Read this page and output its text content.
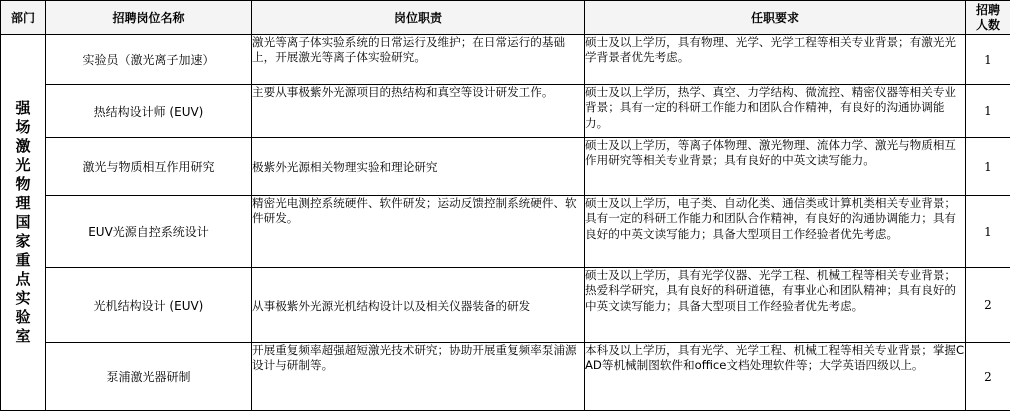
部门	招聘岗位名称	岗位职责	任职要求	招聘人数

强场激光物理国家重点实验室	实验员（激光离子加速）	激光等离子体实验系统的日常运行及维护；在日常运行的基础上，开展激光等离子体实验研究。	硕士及以上学历，具有物理、光学、光学工程等相关专业背景；有激光光学背景者优先考虑。	1
	热结构设计师 (EUV)	主要从事极紫外光源项目的热结构和真空等设计研发工作。	硕士及以上学历，热学、真空、力学结构、微流控、精密仪器等相关专业背景；具有一定的科研工作能力和团队合作精神，有良好的沟通协调能力。	1
	激光与物质相互作用研究	极紫外光源相关物理实验和理论研究	硕士及以上学历，等离子体物理、激光物理、流体力学、激光与物质相互作用研究等相关专业背景；具有良好的中英文读写能力。	1
	EUV光源自控系统设计	精密光电测控系统硬件、软件研发；运动反馈控制系统硬件、软件研发。	硕士及以上学历，电子类、自动化类、通信类或计算机类相关专业背景；具有一定的科研工作能力和团队合作精神，有良好的沟通协调能力；具有良好的中英文读写能力；具备大型项目工作经验者优先考虑。	1
	光机结构设计 (EUV)	从事极紫外光源光机结构设计以及相关仪器装备的研发	硕士及以上学历，具有光学仪器、光学工程、机械工程等相关专业背景；热爱科学研究，具有良好的科研道德，有事业心和团队精神；具有良好的中英文读写能力；具备大型项目工作经验者优先考虑。	2
	泵浦激光器研制	开展重复频率超强超短激光技术研究；协助开展重复频率泵浦源设计与研制等。	本科及以上学历，具有光学、光学工程、机械工程等相关专业背景；掌握CAD等机械制图软件和office文档处理软件等；大学英语四级以上。	2
